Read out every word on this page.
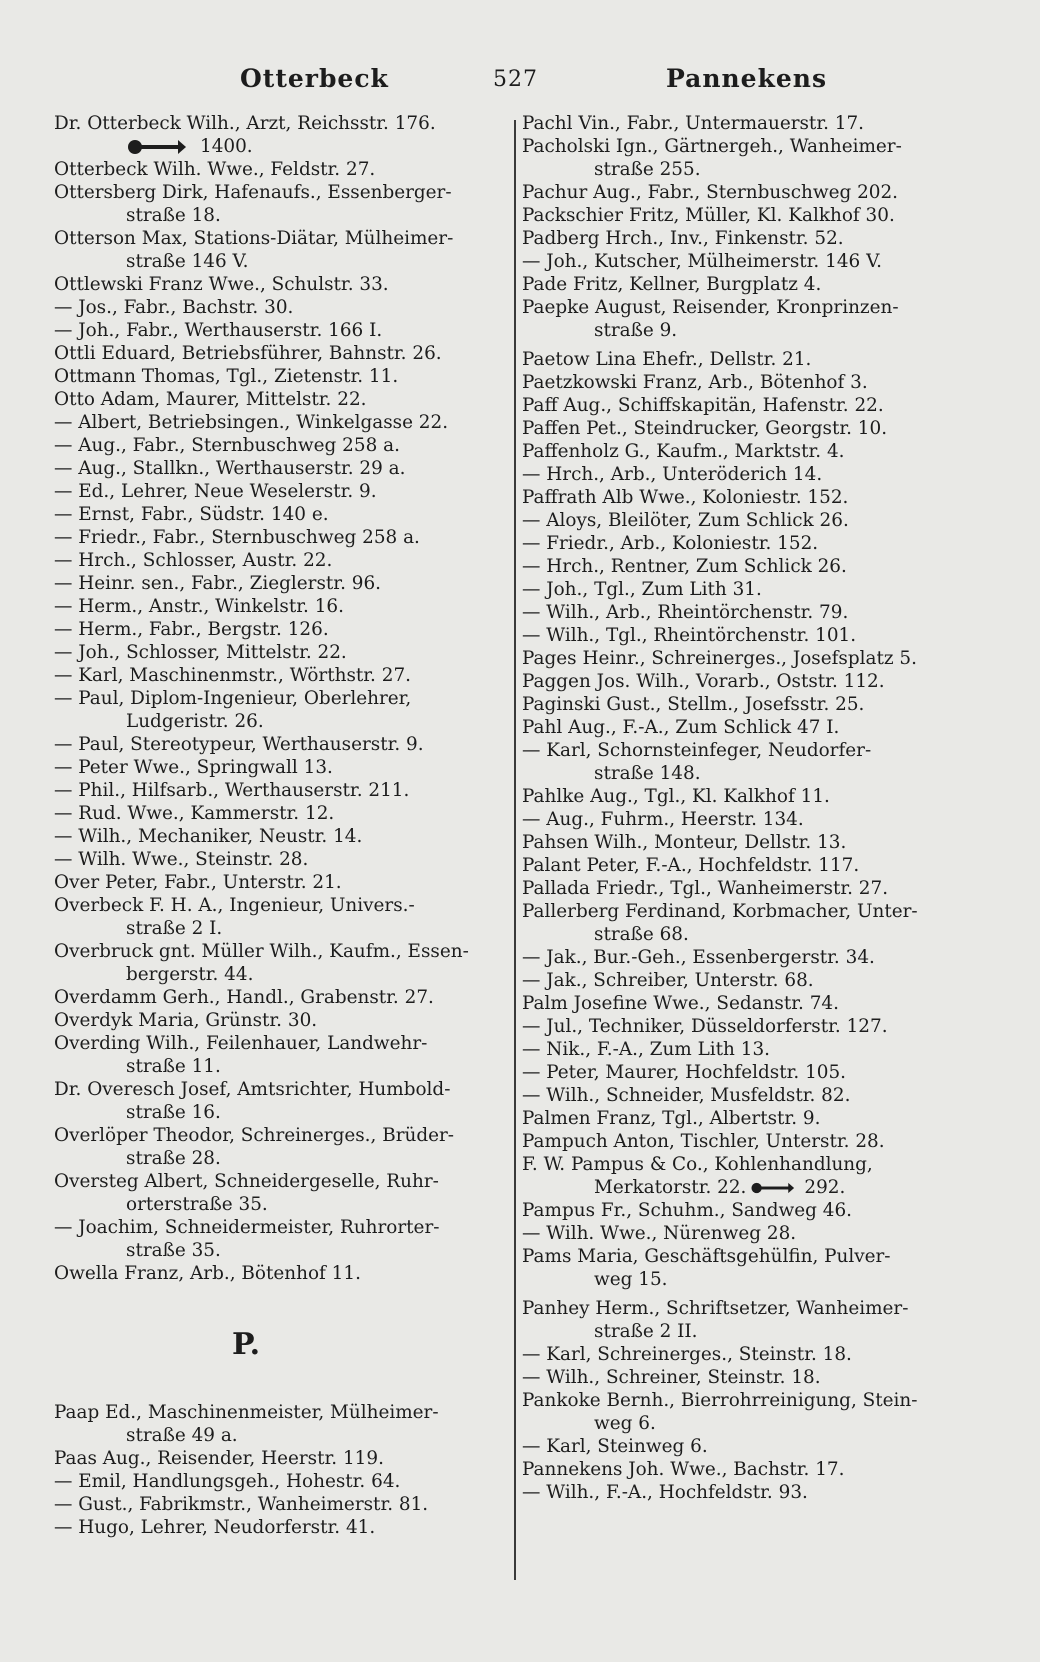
Otterbeck	527	Pannekens

Dr. Otterbeck Wilh., Arzt, Reichsstr. 176.

1400.

Otterbeck Wilh. Wwe., Feldstr. 27.

Ottersberg Dirk, Hafenaufs., Essenberger-

straße 18.

Otterson Max, Stations-Diätar, Mülheimer-

straße 146 V.

Ottlewski Franz Wwe., Schulstr. 33.

— Jos., Fabr., Bachstr. 30.

— Joh., Fabr., Werthauserstr. 166 I.

Ottli Eduard, Betriebsführer, Bahnstr. 26.

Ottmann Thomas, Tgl., Zietenstr. 11.

Otto Adam, Maurer, Mittelstr. 22.

— Albert, Betriebsingen., Winkelgasse 22.

— Aug., Fabr., Sternbuschweg 258 a.

— Aug., Stallkn., Werthauserstr. 29 a.

— Ed., Lehrer, Neue Weselerstr. 9.

— Ernst, Fabr., Südstr. 140 e.

— Friedr., Fabr., Sternbuschweg 258 a.

— Hrch., Schlosser, Austr. 22.

— Heinr. sen., Fabr., Zieglerstr. 96.

— Herm., Anstr., Winkelstr. 16.

— Herm., Fabr., Bergstr. 126.

— Joh., Schlosser, Mittelstr. 22.

— Karl, Maschinenmstr., Wörthstr. 27.

— Paul, Diplom-Ingenieur, Oberlehrer,

Ludgeristr. 26.

— Paul, Stereotypeur, Werthauserstr. 9.

— Peter Wwe., Springwall 13.

— Phil., Hilfsarb., Werthauserstr. 211.

— Rud. Wwe., Kammerstr. 12.

— Wilh., Mechaniker, Neustr. 14.

— Wilh. Wwe., Steinstr. 28.

Over Peter, Fabr., Unterstr. 21.

Overbeck F. H. A., Ingenieur, Univers.-

straße 2 I.

Overbruck gnt. Müller Wilh., Kaufm., Essen-

bergerstr. 44.

Overdamm Gerh., Handl., Grabenstr. 27.

Overdyk Maria, Grünstr. 30.

Overding Wilh., Feilenhauer, Landwehr-

straße 11.

Dr. Overesch Josef, Amtsrichter, Humbold-

straße 16.

Overlöper Theodor, Schreinerges., Brüder-

straße 28.

Oversteg Albert, Schneidergeselle, Ruhr-

orterstraße 35.

— Joachim, Schneidermeister, Ruhrorter-

straße 35.

Owella Franz, Arb., Bötenhof 11.

P.

Paap Ed., Maschinenmeister, Mülheimer-

straße 49 a.

Paas Aug., Reisender, Heerstr. 119.

— Emil, Handlungsgeh., Hohestr. 64.

— Gust., Fabrikmstr., Wanheimerstr. 81.

— Hugo, Lehrer, Neudorferstr. 41.

Pachl Vin., Fabr., Untermauerstr. 17.

Pacholski Ign., Gärtnergeh., Wanheimer-

straße 255.

Pachur Aug., Fabr., Sternbuschweg 202.

Packschier Fritz, Müller, Kl. Kalkhof 30.

Padberg Hrch., Inv., Finkenstr. 52.

— Joh., Kutscher, Mülheimerstr. 146 V.

Pade Fritz, Kellner, Burgplatz 4.

Paepke August, Reisender, Kronprinzen-

straße 9.

Paetow Lina Ehefr., Dellstr. 21.

Paetzkowski Franz, Arb., Bötenhof 3.

Paff Aug., Schiffskapitän, Hafenstr. 22.

Paffen Pet., Steindrucker, Georgstr. 10.

Paffenholz G., Kaufm., Marktstr. 4.

— Hrch., Arb., Unteröderich 14.

Paffrath Alb Wwe., Koloniestr. 152.

— Aloys, Bleilöter, Zum Schlick 26.

— Friedr., Arb., Koloniestr. 152.

— Hrch., Rentner, Zum Schlick 26.

— Joh., Tgl., Zum Lith 31.

— Wilh., Arb., Rheintörchenstr. 79.

— Wilh., Tgl., Rheintörchenstr. 101.

Pages Heinr., Schreinerges., Josefsplatz 5.

Paggen Jos. Wilh., Vorarb., Oststr. 112.

Paginski Gust., Stellm., Josefsstr. 25.

Pahl Aug., F.-A., Zum Schlick 47 I.

— Karl, Schornsteinfeger, Neudorfer-

straße 148.

Pahlke Aug., Tgl., Kl. Kalkhof 11.

— Aug., Fuhrm., Heerstr. 134.

Pahsen Wilh., Monteur, Dellstr. 13.

Palant Peter, F.-A., Hochfeldstr. 117.

Pallada Friedr., Tgl., Wanheimerstr. 27.

Pallerberg Ferdinand, Korbmacher, Unter-

straße 68.

— Jak., Bur.-Geh., Essenbergerstr. 34.

— Jak., Schreiber, Unterstr. 68.

Palm Josefine Wwe., Sedanstr. 74.

— Jul., Techniker, Düsseldorferstr. 127.

— Nik., F.-A., Zum Lith 13.

— Peter, Maurer, Hochfeldstr. 105.

— Wilh., Schneider, Musfeldstr. 82.

Palmen Franz, Tgl., Albertstr. 9.

Pampuch Anton, Tischler, Unterstr. 28.

F. W. Pampus & Co., Kohlenhandlung,

Merkatorstr. 22.	292.

Pampus Fr., Schuhm., Sandweg 46.

— Wilh. Wwe., Nürenweg 28.

Pams Maria, Geschäftsgehülfin, Pulver-

weg 15.

Panhey Herm., Schriftsetzer, Wanheimer-

straße 2 II.

— Karl, Schreinerges., Steinstr. 18.

— Wilh., Schreiner, Steinstr. 18.

Pankoke Bernh., Bierrohrreinigung, Stein-

weg 6.

— Karl, Steinweg 6.

Pannekens Joh. Wwe., Bachstr. 17.

— Wilh., F.-A., Hochfeldstr. 93.
